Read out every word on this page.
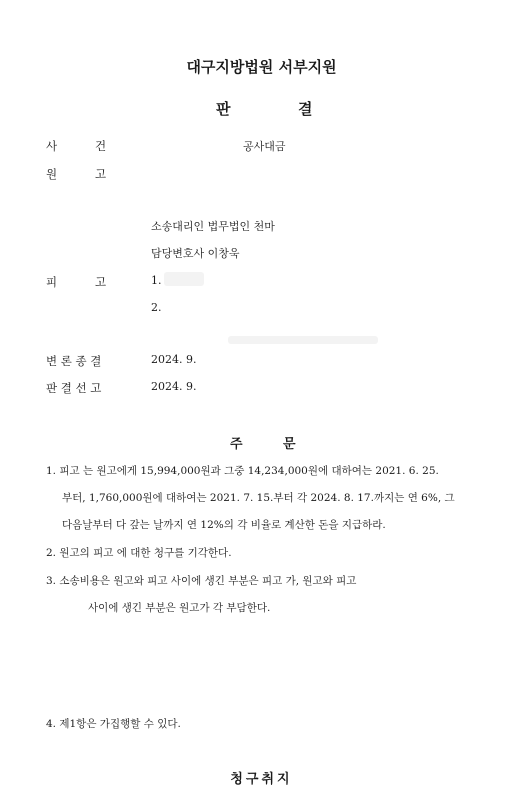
대구지방법원 서부지원
판	결
사	건	공사대금
원	고
소송대리인 법무법인 천마
담당변호사 이창욱
피	고	1.
2.
변 론 종 결	2024. 9.
판 결 선 고	2024. 9.
주	문
1. 피고 는 원고에게 15,994,000원과 그중 14,234,000원에 대하여는 2021. 6. 25.
부터, 1,760,000원에 대하여는 2021. 7. 15.부터 각 2024. 8. 17.까지는 연 6%, 그
다음날부터 다 갚는 날까지 연 12%의 각 비율로 계산한 돈을 지급하라.
2. 원고의 피고 에 대한 청구를 기각한다.
3. 소송비용은 원고와 피고 사이에 생긴 부분은 피고 가, 원고와 피고
사이에 생긴 부분은 원고가 각 부담한다.
4. 제1항은 가집행할 수 있다.
청구취지
